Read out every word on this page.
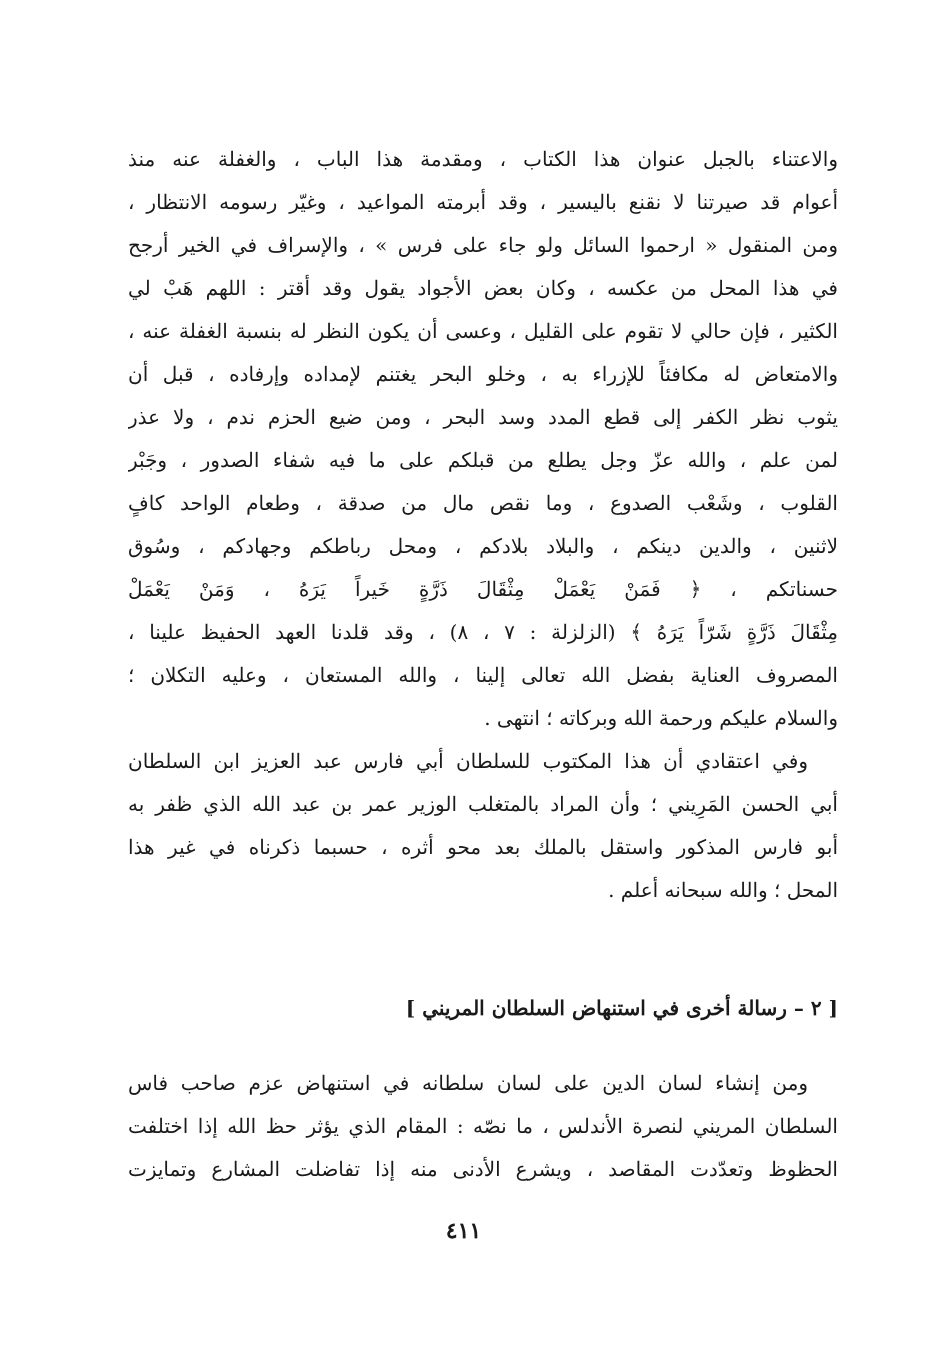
والاعتناء بالجبل عنوان هذا الكتاب ، ومقدمة هذا الباب ، والغفلة عنه منذ
أعوام قد صيرتنا لا نقنع باليسير ، وقد أبرمته المواعيد ، وغيّر رسومه الانتظار ،
ومن المنقول « ارحموا السائل ولو جاء على فرس » ، والإسراف في الخير أرجح
في هذا المحل من عكسه ، وكان بعض الأجواد يقول وقد أقتر : اللهم هَبْ لي
الكثير ، فإن حالي لا تقوم على القليل ، وعسى أن يكون النظر له بنسبة الغفلة عنه ،
والامتعاض له مكافئاً للإزراء به ، وخلو البحر يغتنم لإمداده وإرفاده ، قبل أن
يثوب نظر الكفر إلى قطع المدد وسد البحر ، ومن ضيع الحزم ندم ، ولا عذر
لمن علم ، والله عزّ وجل يطلع من قبلكم على ما فيه شفاء الصدور ، وجَبْر
القلوب ، وشَعْب الصدوع ، وما نقص مال من صدقة ، وطعام الواحد كافٍ
لاثنين ، والدين دينكم ، والبلاد بلادكم ، ومحل رباطكم وجهادكم ، وسُوق
حسناتكم ، ﴿ فَمَنْ يَعْمَلْ مِثْقَالَ ذَرَّةٍ خَيراً يَرَهُ ، وَمَنْ يَعْمَلْ
مِثْقَالَ ذَرَّةٍ شَرّاً يَرَهُ ﴾ (الزلزلة : ٧ ، ٨) ، وقد قلدنا العهد الحفيظ علينا ،
المصروف العناية بفضل الله تعالى إلينا ، والله المستعان ، وعليه التكلان ؛
والسلام عليكم ورحمة الله وبركاته ؛ انتهى .
وفي اعتقادي أن هذا المكتوب للسلطان أبي فارس عبد العزيز ابن السلطان
أبي الحسن المَرِيني ؛ وأن المراد بالمتغلب الوزير عمر بن عبد الله الذي ظفر به
أبو فارس المذكور واستقل بالملك بعد محو أثره ، حسبما ذكرناه في غير هذا
المحل ؛ والله سبحانه أعلم .
[ ٢ – رسالة أخرى في استنهاض السلطان المريني ]
ومن إنشاء لسان الدين على لسان سلطانه في استنهاض عزم صاحب فاس
السلطان المريني لنصرة الأندلس ، ما نصّه : المقام الذي يؤثر حظ الله إذا اختلفت
الحظوظ وتعدّدت المقاصد ، ويشرع الأدنى منه إذا تفاضلت المشارع وتمايزت
٤١١
